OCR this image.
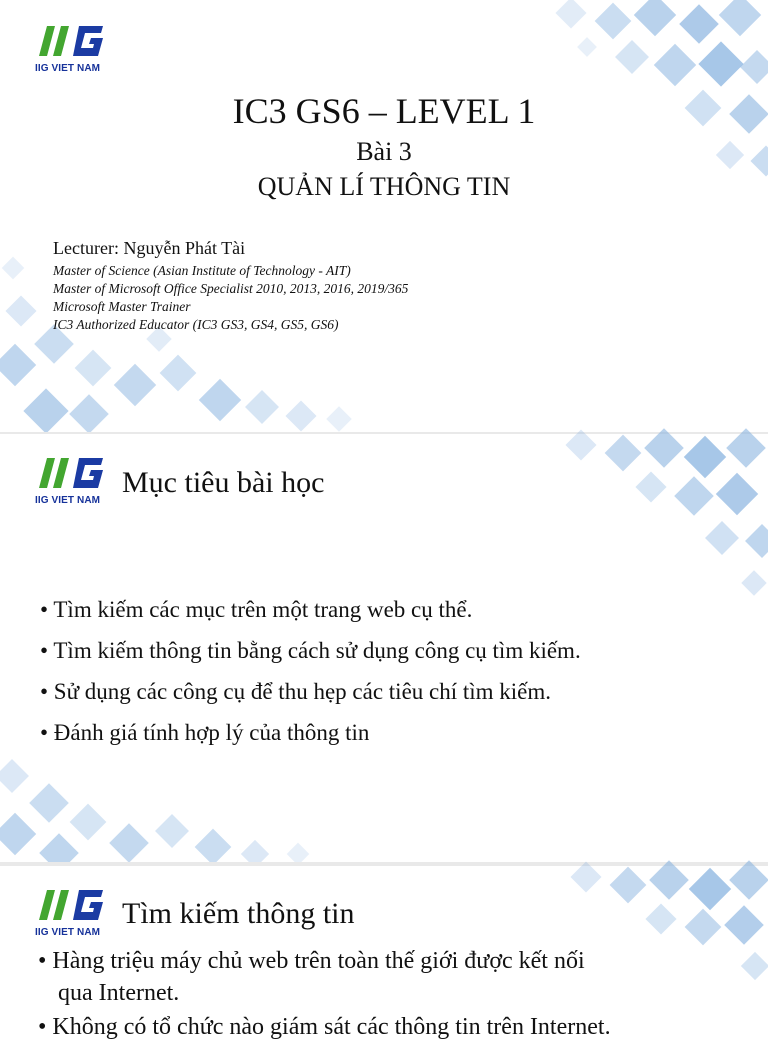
IIG VIET NAM
IC3 GS6 – LEVEL 1
Bài 3
QUẢN LÍ THÔNG TIN
Lecturer: Nguyễn Phát Tài
Master of Science (Asian Institute of Technology - AIT)
Master of Microsoft Office Specialist 2010, 2013, 2016, 2019/365
Microsoft Master Trainer
IC3 Authorized Educator (IC3 GS3, GS4, GS5, GS6)
IIG VIET NAM
Mục tiêu bài học
• Tìm kiếm các mục trên một trang web cụ thể.
• Tìm kiếm thông tin bằng cách sử dụng công cụ tìm kiếm.
• Sử dụng các công cụ để thu hẹp các tiêu chí tìm kiếm.
• Đánh giá tính hợp lý của thông tin
IIG VIET NAM
Tìm kiếm thông tin
• Hàng triệu máy chủ web trên toàn thế giới được kết nối
qua Internet.
• Không có tổ chức nào giám sát các thông tin trên Internet.
